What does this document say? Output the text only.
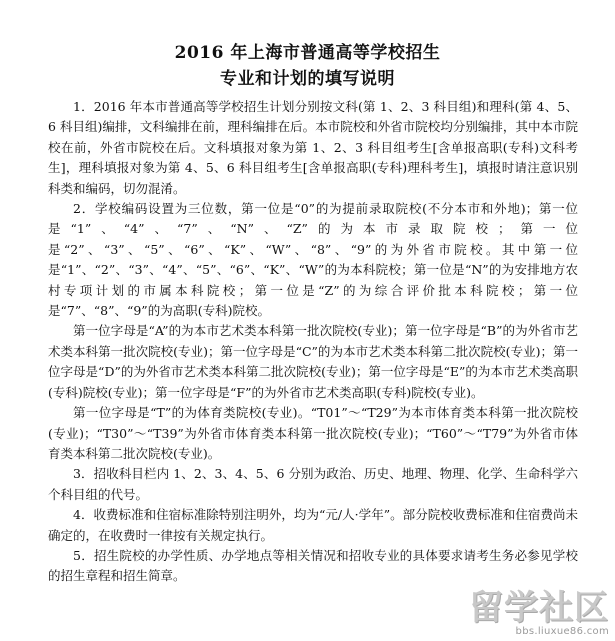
2016 年上海市普通高等学校招生
专业和计划的填写说明

1．2016 年本市普通高等学校招生计划分别按文科(第 1、2、3 科目组)和理科(第 4、5、6 科目组)编排，文科编排在前，理科编排在后。本市院校和外省市院校均分别编排，其中本市院校在前，外省市院校在后。文科填报对象为第 1、2、3 科目组考生[含单报高职(专科)文科考生]，理科填报对象为第 4、5、6 科目组考生[含单报高职(专科)理科考生]，填报时请注意识别科类和编码，切勿混淆。

2．学校编码设置为三位数，第一位是“0”的为提前录取院校(不分本市和外地)；第一位是“1”、“4”、“7”、“N”、“Z”的为本市录取院校；第一位是“2”、“3”、“5”、“6”、“K”、“W”、“8”、“9”的为外省市院校。其中第一位是“1”、“2”、“3”、“4”、“5”、“6”、“K”、“W”的为本科院校；第一位是“N”的为安排地方农村专项计划的市属本科院校；第一位是“Z”的为综合评价批本科院校；第一位是“7”、“8”、“9”的为高职(专科)院校。

第一位字母是“A”的为本市艺术类本科第一批次院校(专业)；第一位字母是“B”的为外省市艺术类本科第一批次院校(专业)；第一位字母是“C”的为本市艺术类本科第二批次院校(专业)；第一位字母是“D”的为外省市艺术类本科第二批次院校(专业)；第一位字母是“E”的为本市艺术类高职(专科)院校(专业)；第一位字母是“F”的为外省市艺术类高职(专科)院校(专业)。

第一位字母是“T”的为体育类院校(专业)。“T01”～“T29”为本市体育类本科第一批次院校(专业)；“T30”～“T39”为外省市体育类本科第一批次院校(专业)；“T60”～“T79”为外省市体育类本科第二批次院校(专业)。

3．招收科目栏内 1、2、3、4、5、6 分别为政治、历史、地理、物理、化学、生命科学六个科目组的代号。

4．收费标准和住宿标准除特别注明外，均为“元/人·学年”。部分院校收费标准和住宿费尚未确定的，在收费时一律按有关规定执行。

5．招生院校的办学性质、办学地点等相关情况和招收专业的具体要求请考生务必参见学校的招生章程和招生简章。

留学社区
bbs.liuxue86.com
